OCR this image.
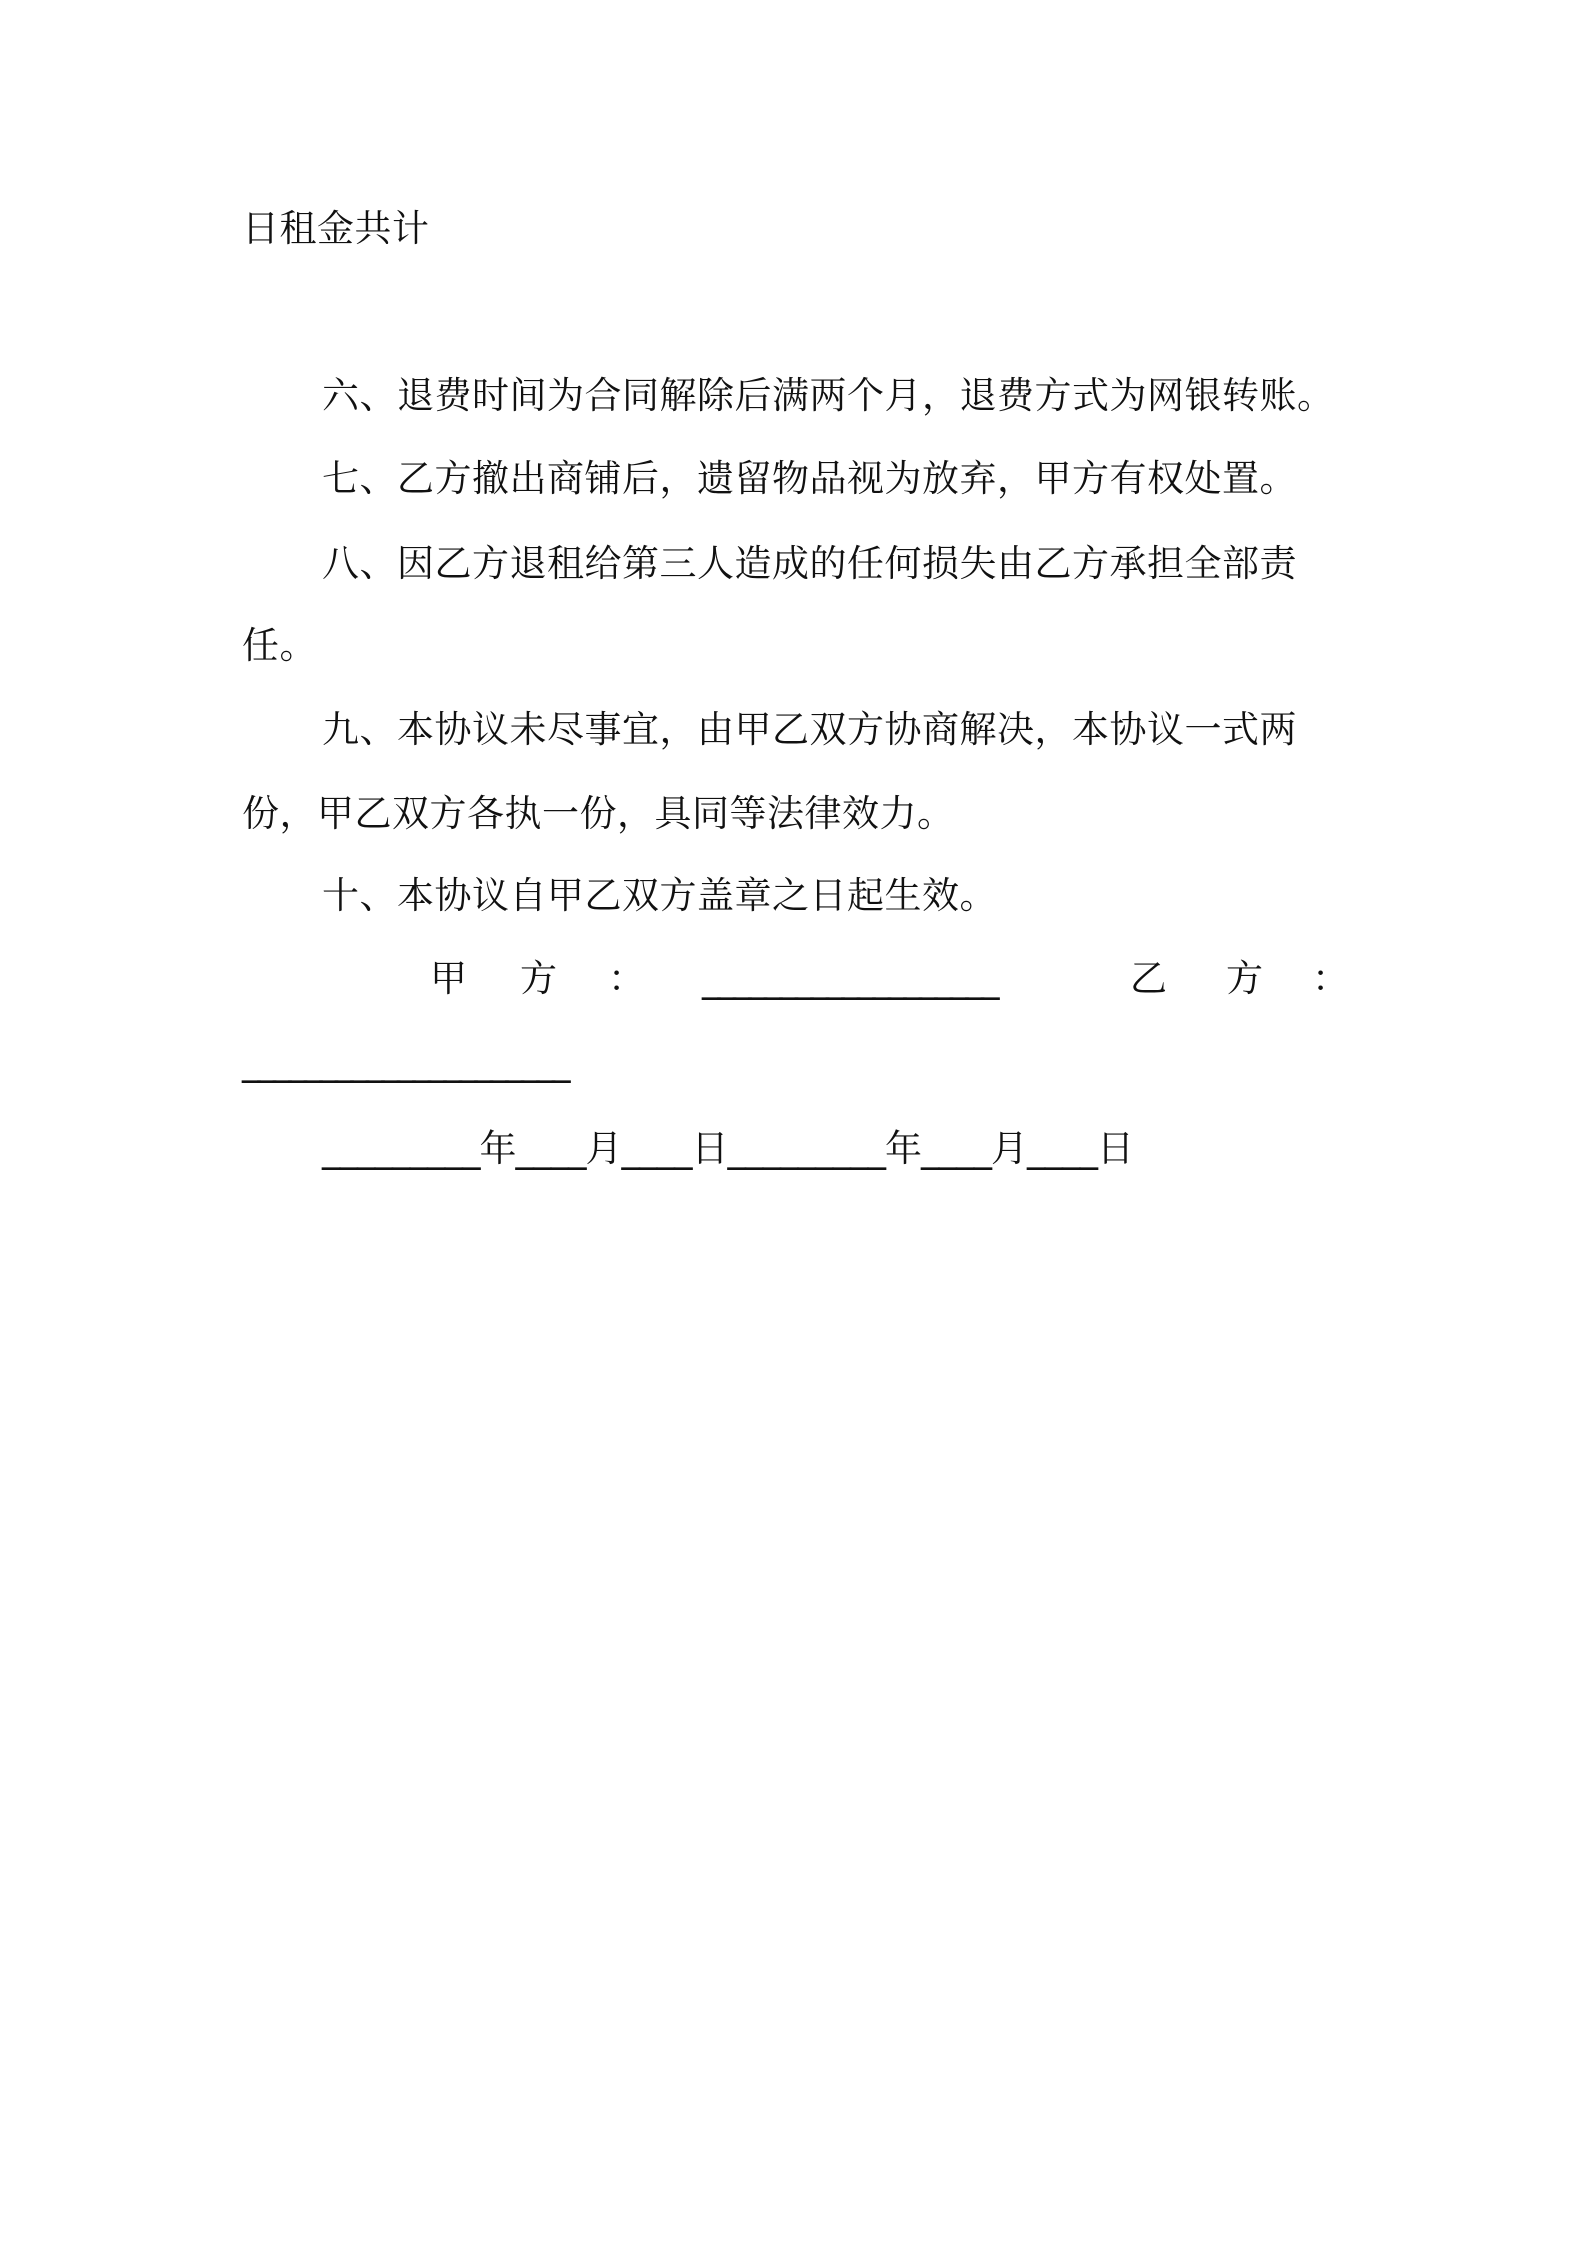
日租金共计
六、退费时间为合同解除后满两个月，退费方式为网银转账。
七、乙方撤出商铺后，遗留物品视为放弃，甲方有权处置。
八、因乙方退租给第三人造成的任何损失由乙方承担全部责
任。
九、本协议未尽事宜，由甲乙双方协商解决，本协议一式两
份，甲乙双方各执一份，具同等法律效力。
十、本协议自甲乙双方盖章之日起生效。
甲 方 ： ___________________	乙 方 ：
_____________________
_________年____月____日_________年____月____日
